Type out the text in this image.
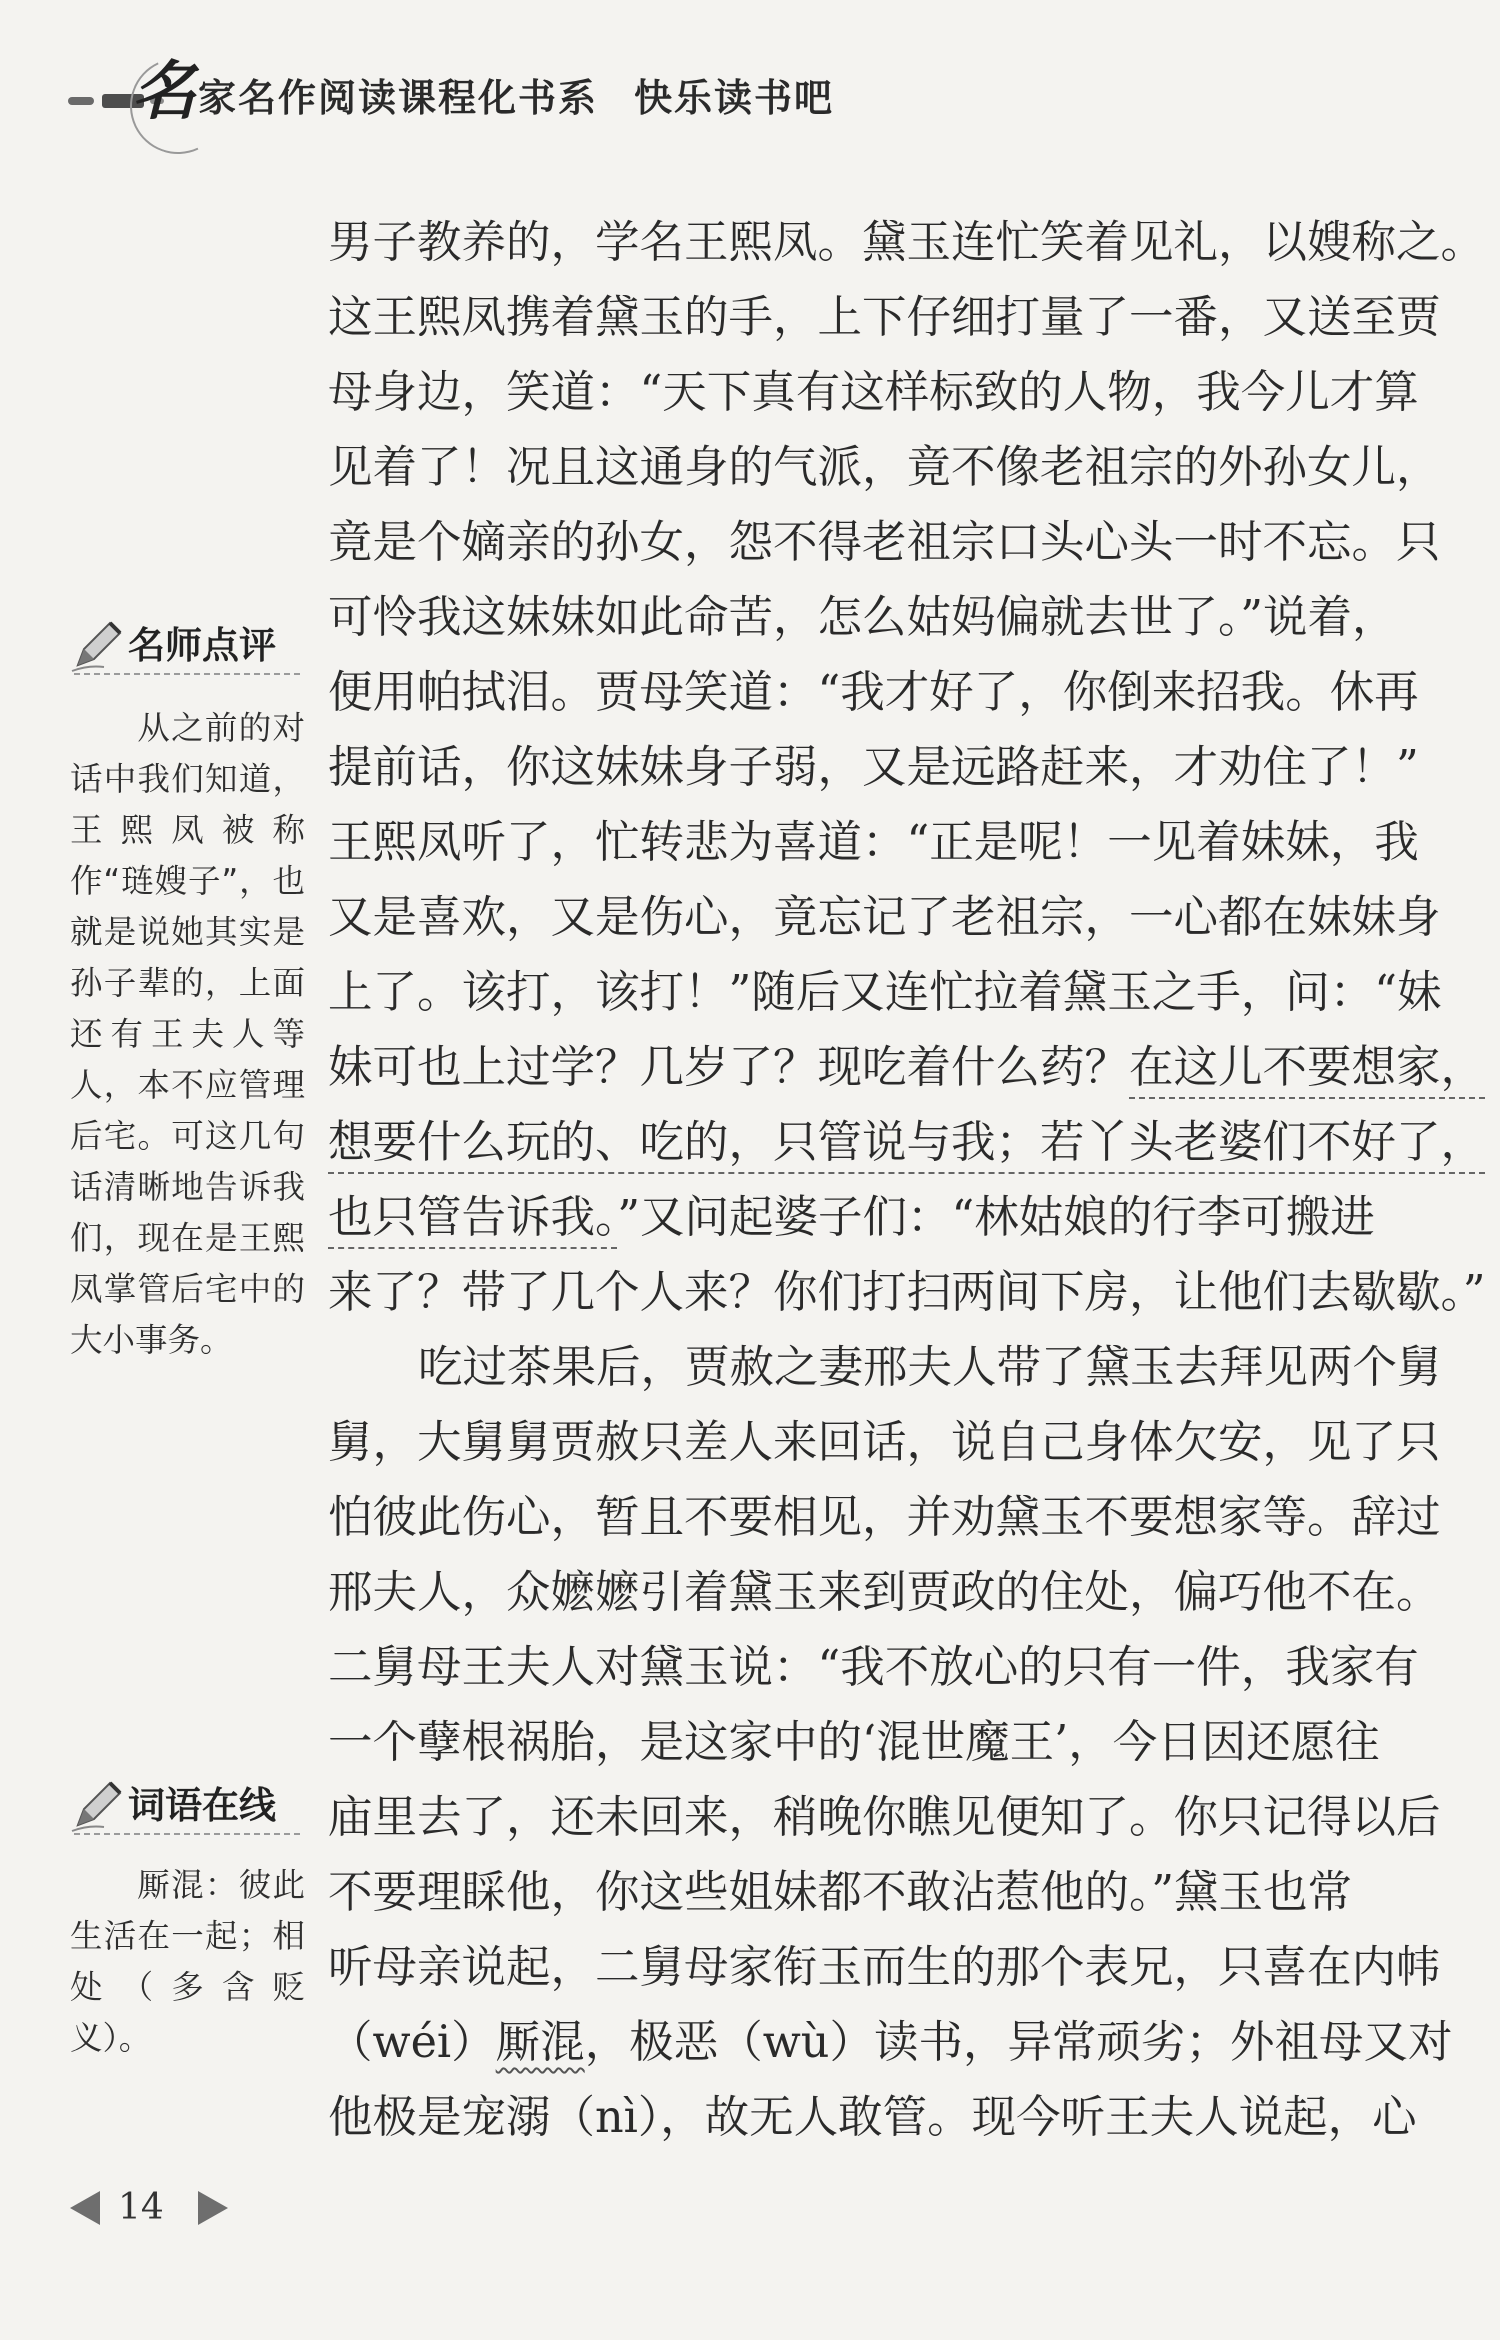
名 家名作阅读课程化书系 快乐读书吧
名师点评
从之前的对话中我们知道，王熙凤被称作“琏嫂子”，也就是说她其实是孙子辈的，上面还有王夫人等人，本不应管理后宅。可这几句话清晰地告诉我们，现在是王熙凤掌管后宅中的大小事务。
词语在线
厮混：彼此生活在一起；相处（多含贬义）。
男子教养的，学名王熙凤。黛玉连忙笑着见礼，以嫂称之。
这王熙凤携着黛玉的手，上下仔细打量了一番，又送至贾
母身边，笑道：“天下真有这样标致的人物，我今儿才算
见着了！况且这通身的气派，竟不像老祖宗的外孙女儿，
竟是个嫡亲的孙女，怨不得老祖宗口头心头一时不忘。只
可怜我这妹妹如此命苦，怎么姑妈偏就去世了。”说着，
便用帕拭泪。贾母笑道：“我才好了，你倒来招我。休再
提前话，你这妹妹身子弱，又是远路赶来，才劝住了！”
王熙凤听了，忙转悲为喜道：“正是呢！一见着妹妹，我
又是喜欢，又是伤心，竟忘记了老祖宗，一心都在妹妹身
上了。该打，该打！”随后又连忙拉着黛玉之手，问：“妹
妹可也上过学？几岁了？现吃着什么药？在这儿不要想家，
想要什么玩的、吃的，只管说与我；若丫头老婆们不好了，
也只管告诉我。”又问起婆子们：“林姑娘的行李可搬进
来了？带了几个人来？你们打扫两间下房，让他们去歇歇。”
吃过茶果后，贾赦之妻邢夫人带了黛玉去拜见两个舅
舅，大舅舅贾赦只差人来回话，说自己身体欠安，见了只
怕彼此伤心，暂且不要相见，并劝黛玉不要想家等。辞过
邢夫人，众嬷嬷引着黛玉来到贾政的住处，偏巧他不在。
二舅母王夫人对黛玉说：“我不放心的只有一件，我家有
一个孽根祸胎，是这家中的‘混世魔王’，今日因还愿往
庙里去了，还未回来，稍晚你瞧见便知了。你只记得以后
不要理睬他，你这些姐妹都不敢沾惹他的。”黛玉也常
听母亲说起，二舅母家衔玉而生的那个表兄，只喜在内帏
（wéi）厮混，极恶（wù）读书，异常顽劣；外祖母又对
他极是宠溺（nì），故无人敢管。现今听王夫人说起，心
14
